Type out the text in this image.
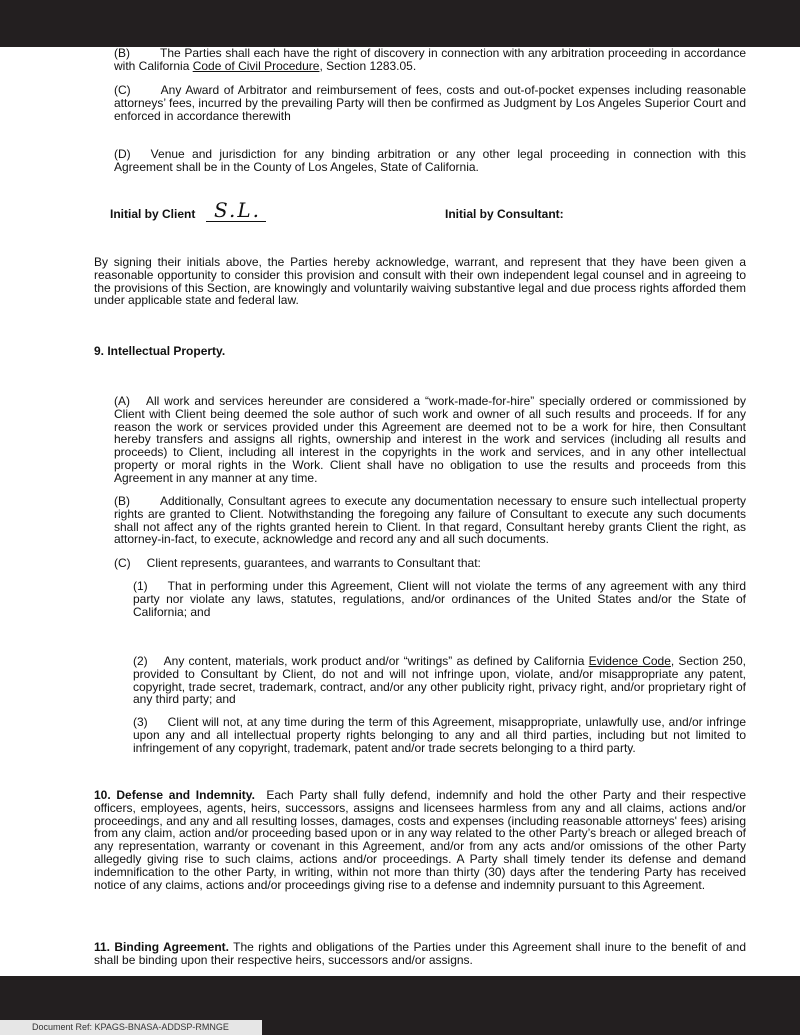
(B)	The Parties shall each have the right of discovery in connection with any arbitration proceeding in accordance with California Code of Civil Procedure, Section 1283.05.

(C)	Any Award of Arbitrator and reimbursement of fees, costs and out-of-pocket expenses including reasonable attorneys’ fees, incurred by the prevailing Party will then be confirmed as Judgment by Los Angeles Superior Court and enforced in accordance therewith

(D) Venue and jurisdiction for any binding arbitration or any other legal proceeding in connection with this Agreement shall be in the County of Los Angeles, State of California.

Initial by Client S.L.	Initial by Consultant:

By signing their initials above, the Parties hereby acknowledge, warrant, and represent that they have been given a reasonable opportunity to consider this provision and consult with their own independent legal counsel and in agreeing to the provisions of this Section, are knowingly and voluntarily waiving substantive legal and due process rights afforded them under applicable state and federal law.

9. Intellectual Property.

(A) All work and services hereunder are considered a “work-made-for-hire” specially ordered or commissioned by Client with Client being deemed the sole author of such work and owner of all such results and proceeds. If for any reason the work or services provided under this Agreement are deemed not to be a work for hire, then Consultant hereby transfers and assigns all rights, ownership and interest in the work and services (including all results and proceeds) to Client, including all interest in the copyrights in the work and services, and in any other intellectual property or moral rights in the Work. Client shall have no obligation to use the results and proceeds from this Agreement in any manner at any time.

(B)	Additionally, Consultant agrees to execute any documentation necessary to ensure such intellectual property rights are granted to Client. Notwithstanding the foregoing any failure of Consultant to execute any such documents shall not affect any of the rights granted herein to Client. In that regard, Consultant hereby grants Client the right, as attorney-in-fact, to execute, acknowledge and record any and all such documents.

(C) Client represents, guarantees, and warrants to Consultant that:

(1) That in performing under this Agreement, Client will not violate the terms of any agreement with any third party nor violate any laws, statutes, regulations, and/or ordinances of the United States and/or the State of California; and

(2) Any content, materials, work product and/or “writings” as defined by California Evidence Code, Section 250, provided to Consultant by Client, do not and will not infringe upon, violate, and/or misappropriate any patent, copyright, trade secret, trademark, contract, and/or any other publicity right, privacy right, and/or proprietary right of any third party; and

(3) Client will not, at any time during the term of this Agreement, misappropriate, unlawfully use, and/or infringe upon any and all intellectual property rights belonging to any and all third parties, including but not limited to infringement of any copyright, trademark, patent and/or trade secrets belonging to a third party.

10. Defense and Indemnity. Each Party shall fully defend, indemnify and hold the other Party and their respective officers, employees, agents, heirs, successors, assigns and licensees harmless from any and all claims, actions and/or proceedings, and any and all resulting losses, damages, costs and expenses (including reasonable attorneys' fees) arising from any claim, action and/or proceeding based upon or in any way related to the other Party’s breach or alleged breach of any representation, warranty or covenant in this Agreement, and/or from any acts and/or omissions of the other Party allegedly giving rise to such claims, actions and/or proceedings. A Party shall timely tender its defense and demand indemnification to the other Party, in writing, within not more than thirty (30) days after the tendering Party has received notice of any claims, actions and/or proceedings giving rise to a defense and indemnity pursuant to this Agreement.

11. Binding Agreement. The rights and obligations of the Parties under this Agreement shall inure to the benefit of and shall be binding upon their respective heirs, successors and/or assigns.

Document Ref: KPAGS-BNASA-ADDSP-RMNGE
